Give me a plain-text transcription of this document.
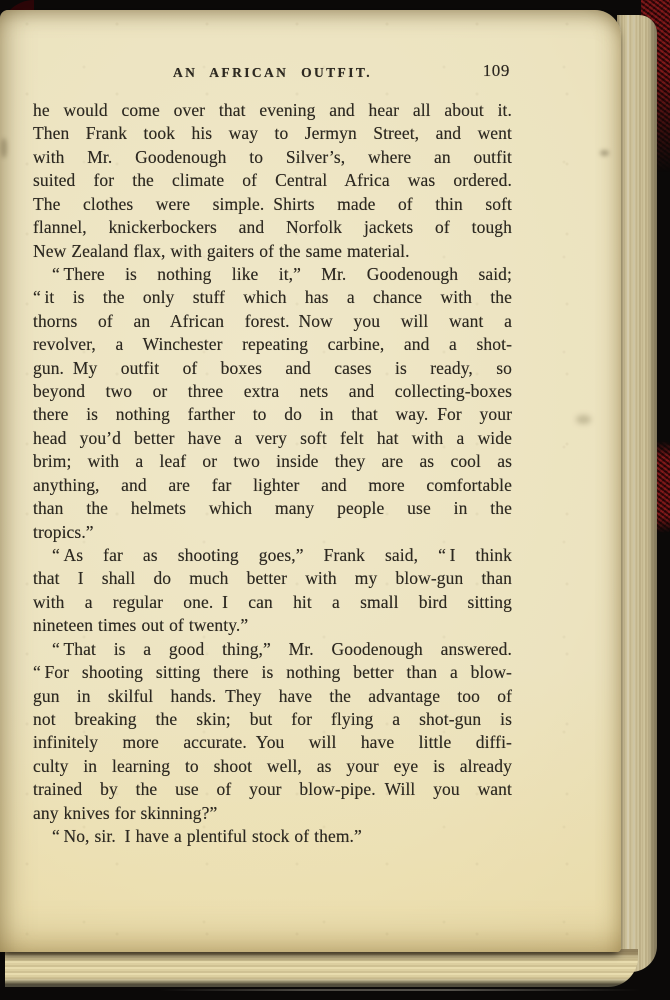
AN AFRICAN OUTFIT.	109
he would come over that evening and hear all about it.
Then Frank took his way to Jermyn Street, and went
with Mr. Goodenough to Silver’s, where an outfit
suited for the climate of Central Africa was ordered.
The clothes were simple. Shirts made of thin soft
flannel, knickerbockers and Norfolk jackets of tough
New Zealand flax, with gaiters of the same material.
“ There is nothing like it,” Mr. Goodenough said;
“ it is the only stuff which has a chance with the
thorns of an African forest. Now you will want a
revolver, a Winchester repeating carbine, and a shot-
gun. My outfit of boxes and cases is ready, so
beyond two or three extra nets and collecting-boxes
there is nothing farther to do in that way. For your
head you’d better have a very soft felt hat with a wide
brim; with a leaf or two inside they are as cool as
anything, and are far lighter and more comfortable
than the helmets which many people use in the
tropics.”
“ As far as shooting goes,” Frank said, “ I think
that I shall do much better with my blow-gun than
with a regular one. I can hit a small bird sitting
nineteen times out of twenty.”
“ That is a good thing,” Mr. Goodenough answered.
“ For shooting sitting there is nothing better than a blow-
gun in skilful hands. They have the advantage too of
not breaking the skin; but for flying a shot-gun is
infinitely more accurate. You will have little diffi-
culty in learning to shoot well, as your eye is already
trained by the use of your blow-pipe. Will you want
any knives for skinning?”
“ No, sir. I have a plentiful stock of them.”
